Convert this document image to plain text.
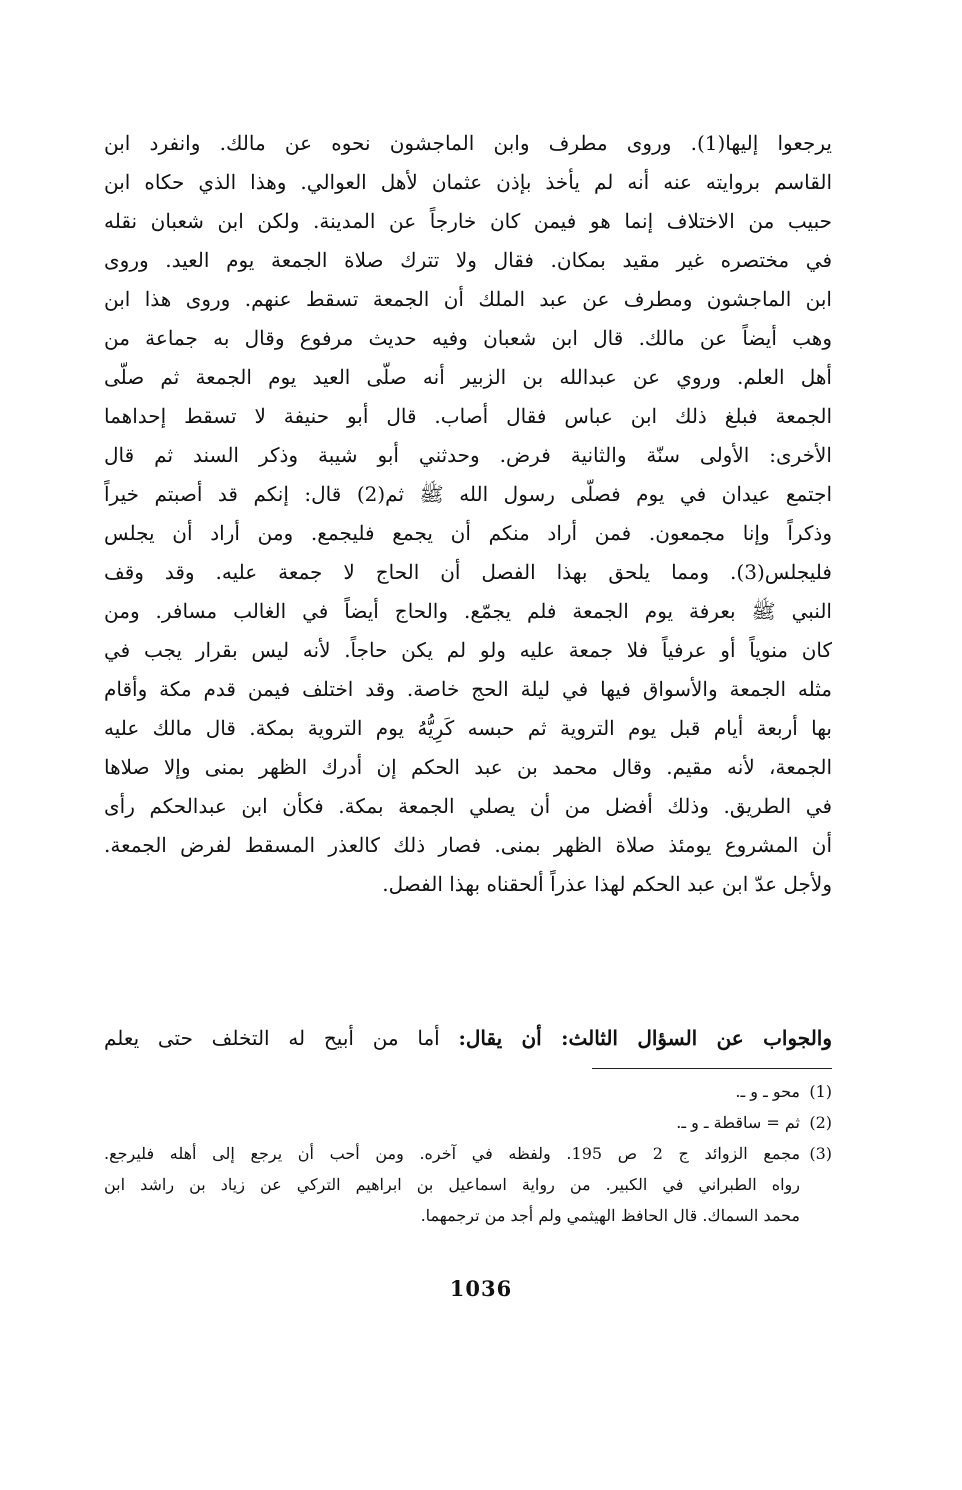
يرجعوا إليها(1). وروى مطرف وابن الماجشون نحوه عن مالك. وانفرد ابن
القاسم بروايته عنه أنه لم يأخذ بإذن عثمان لأهل العوالي. وهذا الذي حكاه ابن
حبيب من الاختلاف إنما هو فيمن كان خارجاً عن المدينة. ولكن ابن شعبان نقله
في مختصره غير مقيد بمكان. فقال ولا تترك صلاة الجمعة يوم العيد. وروى
ابن الماجشون ومطرف عن عبد الملك أن الجمعة تسقط عنهم. وروى هذا ابن
وهب أيضاً عن مالك. قال ابن شعبان وفيه حديث مرفوع وقال به جماعة من
أهل العلم. وروي عن عبدالله بن الزبير أنه صلّى العيد يوم الجمعة ثم صلّى
الجمعة فبلغ ذلك ابن عباس فقال أصاب. قال أبو حنيفة لا تسقط إحداهما
الأخرى: الأولى سنّة والثانية فرض. وحدثني أبو شيبة وذكر السند ثم قال
اجتمع عيدان في يوم فصلّى رسول الله ﷺ ثم(2) قال: إنكم قد أصبتم خيراً
وذكراً وإنا مجمعون. فمن أراد منكم أن يجمع فليجمع. ومن أراد أن يجلس
فليجلس(3). ومما يلحق بهذا الفصل أن الحاج لا جمعة عليه. وقد وقف
النبي ﷺ بعرفة يوم الجمعة فلم يجمّع. والحاج أيضاً في الغالب مسافر. ومن
كان منوياً أو عرفياً فلا جمعة عليه ولو لم يكن حاجاً. لأنه ليس بقرار يجب في
مثله الجمعة والأسواق فيها في ليلة الحج خاصة. وقد اختلف فيمن قدم مكة وأقام
بها أربعة أيام قبل يوم التروية ثم حبسه كَرِيُّهُ يوم التروية بمكة. قال مالك عليه
الجمعة، لأنه مقيم. وقال محمد بن عبد الحكم إن أدرك الظهر بمنى وإلا صلاها
في الطريق. وذلك أفضل من أن يصلي الجمعة بمكة. فكأن ابن عبدالحكم رأى
أن المشروع يومئذ صلاة الظهر بمنى. فصار ذلك كالعذر المسقط لفرض الجمعة.
ولأجل عدّ ابن عبد الحكم لهذا عذراً ألحقناه بهذا الفصل.
والجواب عن السؤال الثالث: أن يقال: أما من أبيح له التخلف حتى يعلم
(1)
محو ـ و ـ.
(2)
ثم = ساقطة ـ و ـ.
(3)
مجمع الزوائد ج 2 ص 195. ولفظه في آخره. ومن أحب أن يرجع إلى أهله فليرجع.
رواه الطبراني في الكبير. من رواية اسماعيل بن ابراهيم التركي عن زياد بن راشد ابن
محمد السماك. قال الحافظ الهيثمي ولم أجد من ترجمهما.
1036
